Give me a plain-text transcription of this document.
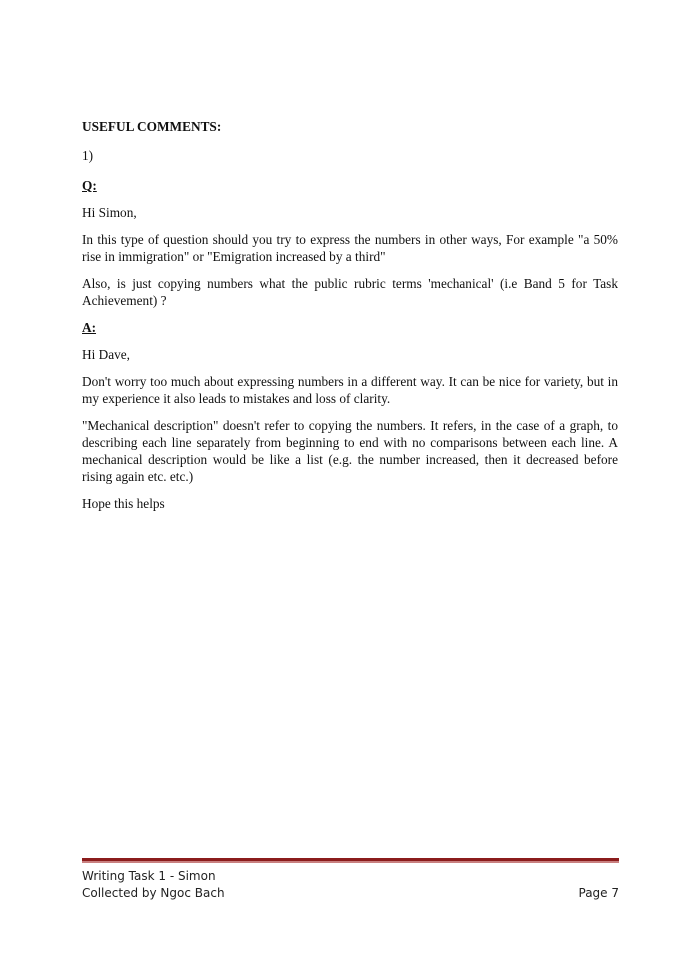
USEFUL COMMENTS:
1)
Q:
Hi Simon,
In this type of question should you try to express the numbers in other ways, For example "a 50% rise in immigration" or "Emigration increased by a third"
Also, is just copying numbers what the public rubric terms 'mechanical' (i.e Band 5 for Task Achievement) ?
A:
Hi Dave,
Don't worry too much about expressing numbers in a different way. It can be nice for variety, but in my experience it also leads to mistakes and loss of clarity.
"Mechanical description" doesn't refer to copying the numbers. It refers, in the case of a graph, to describing each line separately from beginning to end with no comparisons between each line. A mechanical description would be like a list (e.g. the number increased, then it decreased before rising again etc. etc.)
Hope this helps
Writing Task 1 - Simon
Collected by Ngoc Bach	Page 7
